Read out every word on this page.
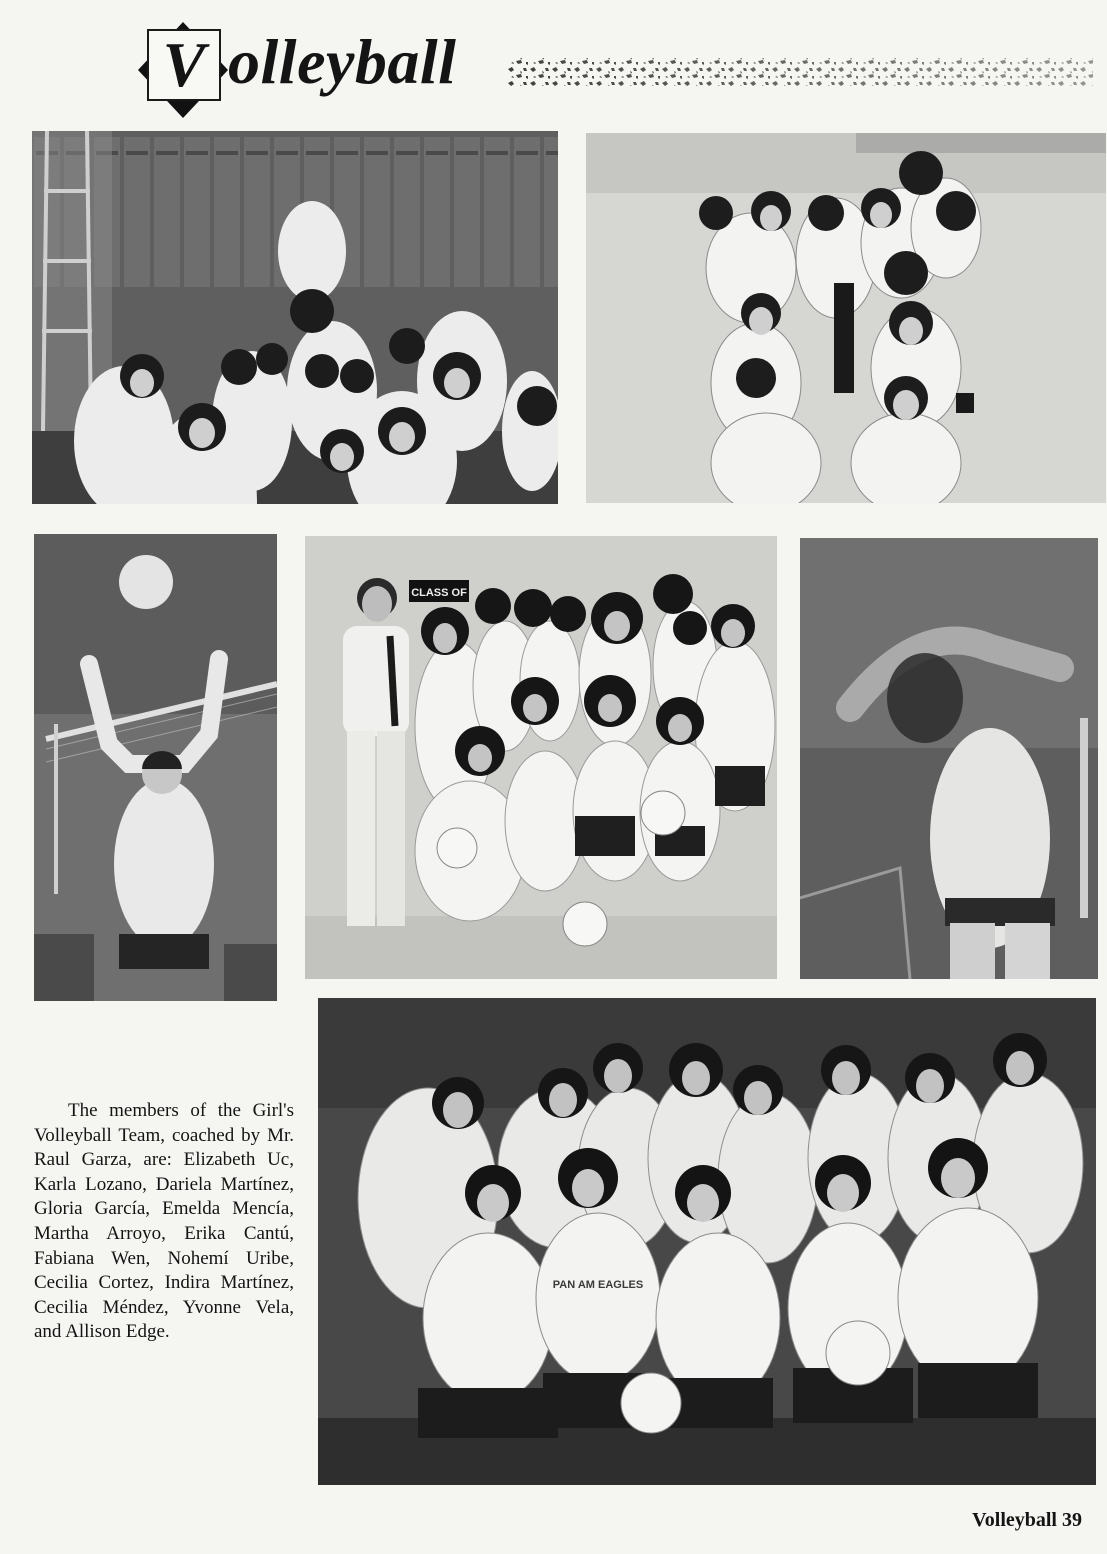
V olleyball
CLASS OF
PAN AM EAGLES

The members of the Girl's Volleyball Team, coached by Mr. Raul Garza, are: Elizabeth Uc, Karla Lozano, Dariela Martínez, Gloria García, Emelda Mencía, Martha Arroyo, Erika Cantú, Fabiana Wen, Nohemí Uribe, Cecilia Cortez, Indira Martínez, Cecilia Méndez, Yvonne Vela, and Allison Edge.

Volleyball 39
